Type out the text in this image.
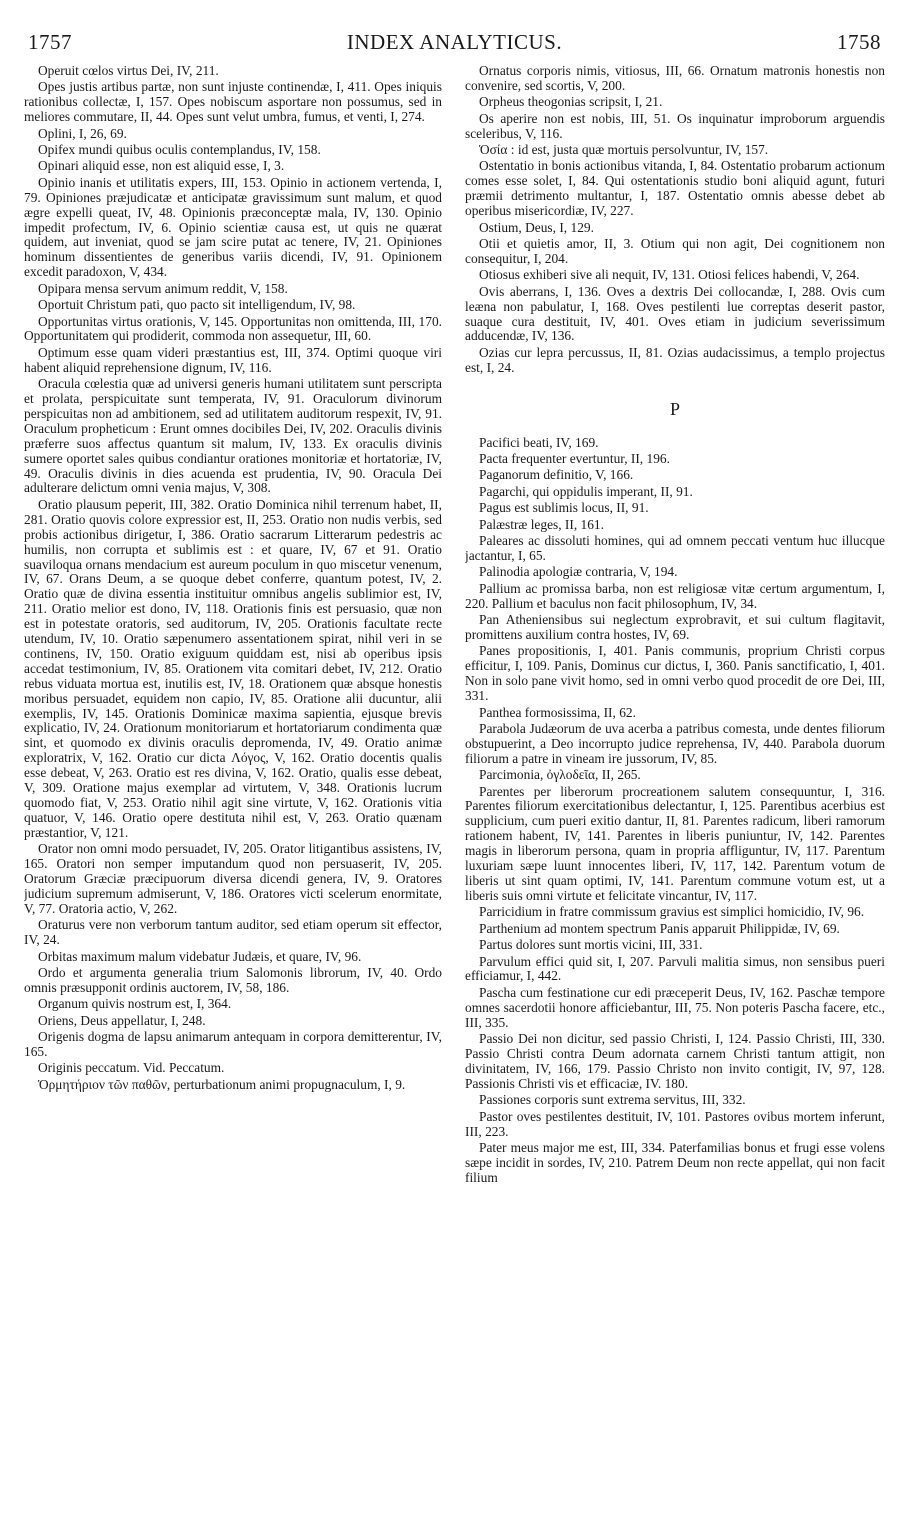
1757	INDEX ANALYTICUS.	1758

Operuit cœlos virtus Dei, IV, 211.

Opes justis artibus partæ, non sunt injuste continendæ, I, 411. Opes iniquis rationibus collectæ, I, 157. Opes nobiscum asportare non possumus, sed in meliores commutare, II, 44. Opes sunt velut umbra, fumus, et venti, I, 274.

Oplini, I, 26, 69.

Opifex mundi quibus oculis contemplandus, IV, 158.

Opinari aliquid esse, non est aliquid esse, I, 3.

Opinio inanis et utilitatis expers, III, 153. Opinio in actionem vertenda, I, 79. Opiniones præjudicatæ et anticipatæ gravissimum sunt malum, et quod ægre expelli queat, IV, 48. Opinionis præconceptæ mala, IV, 130. Opinio impedit profectum, IV, 6. Opinio scientiæ causa est, ut quis ne quærat quidem, aut inveniat, quod se jam scire putat ac tenere, IV, 21. Opiniones hominum dissentientes de generibus variis dicendi, IV, 91. Opinionem excedit paradoxon, V, 434.

Opipara mensa servum animum reddit, V, 158.

Oportuit Christum pati, quo pacto sit intelligendum, IV, 98.

Opportunitas virtus orationis, V, 145. Opportunitas non omittenda, III, 170. Opportunitatem qui prodiderit, commoda non assequetur, III, 60.

Optimum esse quam videri præstantius est, III, 374. Optimi quoque viri habent aliquid reprehensione dignum, IV, 116.

Oracula cœlestia quæ ad universi generis humani utilitatem sunt perscripta et prolata, perspicuitate sunt temperata, IV, 91. Oraculorum divinorum perspicuitas non ad ambitionem, sed ad utilitatem auditorum respexit, IV, 91. Oraculum propheticum : Erunt omnes docibiles Dei, IV, 202. Oraculis divinis præferre suos affectus quantum sit malum, IV, 133. Ex oraculis divinis sumere oportet sales quibus condiantur orationes monitoriæ et hortatoriæ, IV, 49. Oraculis divinis in dies acuenda est prudentia, IV, 90. Oracula Dei adulterare delictum omni venia majus, V, 308.

Oratio plausum peperit, III, 382. Oratio Dominica nihil terrenum habet, II, 281. Oratio quovis colore expressior est, II, 253. Oratio non nudis verbis, sed probis actionibus dirigetur, I, 386. Oratio sacrarum Litterarum pedestris ac humilis, non corrupta et sublimis est : et quare, IV, 67 et 91. Oratio suaviloqua ornans mendacium est aureum poculum in quo miscetur venenum, IV, 67. Orans Deum, a se quoque debet conferre, quantum potest, IV, 2. Oratio quæ de divina essentia instituitur omnibus angelis sublimior est, IV, 211. Oratio melior est dono, IV, 118. Orationis finis est persuasio, quæ non est in potestate oratoris, sed auditorum, IV, 205. Orationis facultate recte utendum, IV, 10. Oratio sæpenumero assentationem spirat, nihil veri in se continens, IV, 150. Oratio exiguum quiddam est, nisi ab operibus ipsis accedat testimonium, IV, 85. Orationem vita comitari debet, IV, 212. Oratio rebus viduata mortua est, inutilis est, IV, 18. Orationem quæ absque honestis moribus persuadet, equidem non capio, IV, 85. Oratione alii ducuntur, alii exemplis, IV, 145. Orationis Dominicæ maxima sapientia, ejusque brevis explicatio, IV, 24. Orationum monitoriarum et hortatoriarum condimenta quæ sint, et quomodo ex divinis oraculis depromenda, IV, 49. Oratio animæ exploratrix, V, 162. Oratio cur dicta Λόγος, V, 162. Oratio docentis qualis esse debeat, V, 263. Oratio est res divina, V, 162. Oratio, qualis esse debeat, V, 309. Oratione majus exemplar ad virtutem, V, 348. Orationis lucrum quomodo fiat, V, 253. Oratio nihil agit sine virtute, V, 162. Orationis vitia quatuor, V, 146. Oratio opere destituta nihil est, V, 263. Oratio quænam præstantior, V, 121.

Orator non omni modo persuadet, IV, 205. Orator litigantibus assistens, IV, 165. Oratori non semper imputandum quod non persuaserit, IV, 205. Oratorum Græciæ præcipuorum diversa dicendi genera, IV, 9. Oratores judicium supremum admiserunt, V, 186. Oratores victi scelerum enormitate, V, 77. Oratoria actio, V, 262.

Oraturus vere non verborum tantum auditor, sed etiam operum sit effector, IV, 24.

Orbitas maximum malum videbatur Judæis, et quare, IV, 96.

Ordo et argumenta generalia trium Salomonis librorum, IV, 40. Ordo omnis præsupponit ordinis auctorem, IV, 58, 186.

Organum quivis nostrum est, I, 364.

Oriens, Deus appellatur, I, 248.

Origenis dogma de lapsu animarum antequam in corpora demitterentur, IV, 165.

Originis peccatum. Vid. Peccatum.

Ὁρμητήριον τῶν παθῶν, perturbationum animi propugnaculum, I, 9.

Ornatus corporis nimis, vitiosus, III, 66. Ornatum matronis honestis non convenire, sed scortis, V, 200.

Orpheus theogonias scripsit, I, 21.

Os aperire non est nobis, III, 51. Os inquinatur improborum arguendis sceleribus, V, 116.

Ὁσία : id est, justa quæ mortuis persolvuntur, IV, 157.

Ostentatio in bonis actionibus vitanda, I, 84. Ostentatio probarum actionum comes esse solet, I, 84. Qui ostentationis studio boni aliquid agunt, futuri præmii detrimento multantur, I, 187. Ostentatio omnis abesse debet ab operibus misericordiæ, IV, 227.

Ostium, Deus, I, 129.

Otii et quietis amor, II, 3. Otium qui non agit, Dei cognitionem non consequitur, I, 204.

Otiosus exhiberi sive ali nequit, IV, 131. Otiosi felices habendi, V, 264.

Ovis aberrans, I, 136. Oves a dextris Dei collocandæ, I, 288. Ovis cum leæna non pabulatur, I, 168. Oves pestilenti lue correptas deserit pastor, suaque cura destituit, IV, 401. Oves etiam in judicium severissimum adducendæ, IV, 136.

Ozias cur lepra percussus, II, 81. Ozias audacissimus, a templo projectus est, I, 24.

P

Pacifici beati, IV, 169.

Pacta frequenter evertuntur, II, 196.

Paganorum definitio, V, 166.

Pagarchi, qui oppidulis imperant, II, 91.

Pagus est sublimis locus, II, 91.

Palæstræ leges, II, 161.

Paleares ac dissoluti homines, qui ad omnem peccati ventum huc illucque jactantur, I, 65.

Palinodia apologiæ contraria, V, 194.

Pallium ac promissa barba, non est religiosæ vitæ certum argumentum, I, 220. Pallium et baculus non facit philosophum, IV, 34.

Pan Atheniensibus sui neglectum exprobravit, et sui cultum flagitavit, promittens auxilium contra hostes, IV, 69.

Panes propositionis, I, 401. Panis communis, proprium Christi corpus efficitur, I, 109. Panis, Dominus cur dictus, I, 360. Panis sanctificatio, I, 401. Non in solo pane vivit homo, sed in omni verbo quod procedit de ore Dei, III, 331.

Panthea formosissima, II, 62.

Parabola Judæorum de uva acerba a patribus comesta, unde dentes filiorum obstupuerint, a Deo incorrupto judice reprehensa, IV, 440. Parabola duorum filiorum a patre in vineam ire jussorum, IV, 85.

Parcimonia, ὀγλοδεῖα, II, 265.

Parentes per liberorum procreationem salutem consequuntur, I, 316. Parentes filiorum exercitationibus delectantur, I, 125. Parentibus acerbius est supplicium, cum pueri exitio dantur, II, 81. Parentes radicum, liberi ramorum rationem habent, IV, 141. Parentes in liberis puniuntur, IV, 142. Parentes magis in liberorum persona, quam in propria affliguntur, IV, 117. Parentum luxuriam sæpe luunt innocentes liberi, IV, 117, 142. Parentum votum de liberis ut sint quam optimi, IV, 141. Parentum commune votum est, ut a liberis suis omni virtute et felicitate vincantur, IV, 117.

Parricidium in fratre commissum gravius est simplici homicidio, IV, 96.

Parthenium ad montem spectrum Panis apparuit Philippidæ, IV, 69.

Partus dolores sunt mortis vicini, III, 331.

Parvulum effici quid sit, I, 207. Parvuli malitia simus, non sensibus pueri efficiamur, I, 442.

Pascha cum festinatione cur edi præceperit Deus, IV, 162. Paschæ tempore omnes sacerdotii honore afficiebantur, III, 75. Non poteris Pascha facere, etc., III, 335.

Passio Dei non dicitur, sed passio Christi, I, 124. Passio Christi, III, 330. Passio Christi contra Deum adornata carnem Christi tantum attigit, non divinitatem, IV, 166, 179. Passio Christo non invito contigit, IV, 97, 128. Passionis Christi vis et efficaciæ, IV. 180.

Passiones corporis sunt extrema servitus, III, 332.

Pastor oves pestilentes destituit, IV, 101. Pastores ovibus mortem inferunt, III, 223.

Pater meus major me est, III, 334. Paterfamilias bonus et frugi esse volens sæpe incidit in sordes, IV, 210. Patrem Deum non recte appellat, qui non facit filium
